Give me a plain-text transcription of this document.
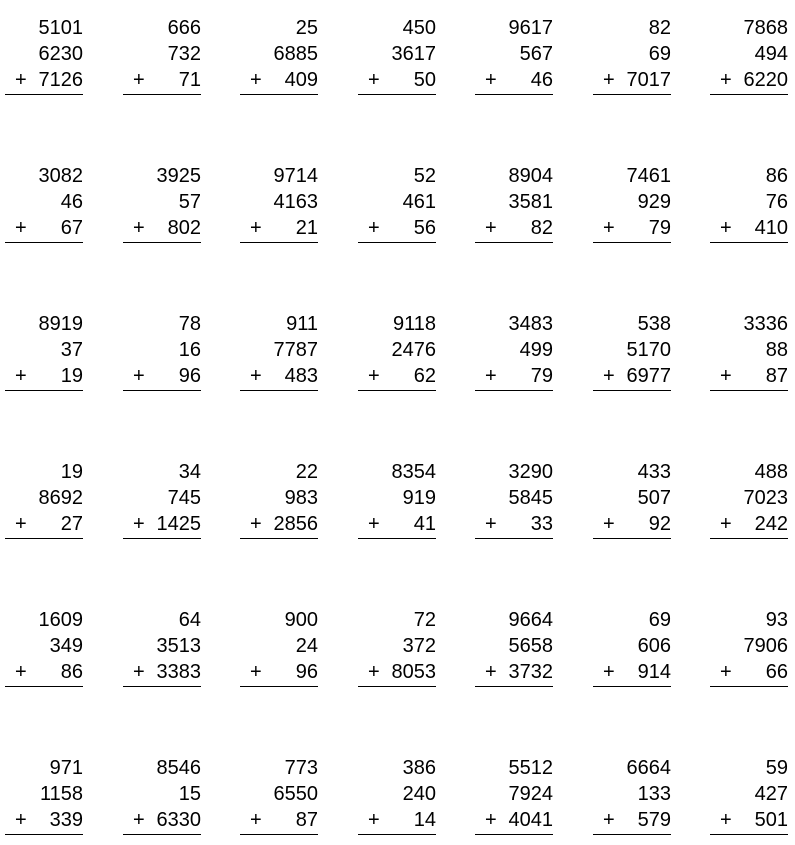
5101
6230
+ 7126
666
732
+	71
25
6885
+	409
450
3617
+	50
9617
567
+	46
82
69
+ 7017
7868
494
+ 6220
3082
46
+	67
3925
57
+	802
9714
4163
+	21
52
461
+	56
8904
3581
+	82
7461
929
+	79
86
76
+	410
8919
37
+	19
78
16
+	96
911
7787
+	483
9118
2476
+	62
3483
499
+	79
538
5170
+ 6977
3336
88
+	87
19
8692
+	27
34
745
+ 1425
22
983
+ 2856
8354
919
+	41
3290
5845
+	33
433
507
+	92
488
7023
+	242
1609
349
+	86
64
3513
+ 3383
900
24
+	96
72
372
+ 8053
9664
5658
+ 3732
69
606
+	914
93
7906
+	66
971
1158
+	339
8546
15
+ 6330
773
6550
+	87
386
240
+	14
5512
7924
+ 4041
6664
133
+	579
59
427
+	501
